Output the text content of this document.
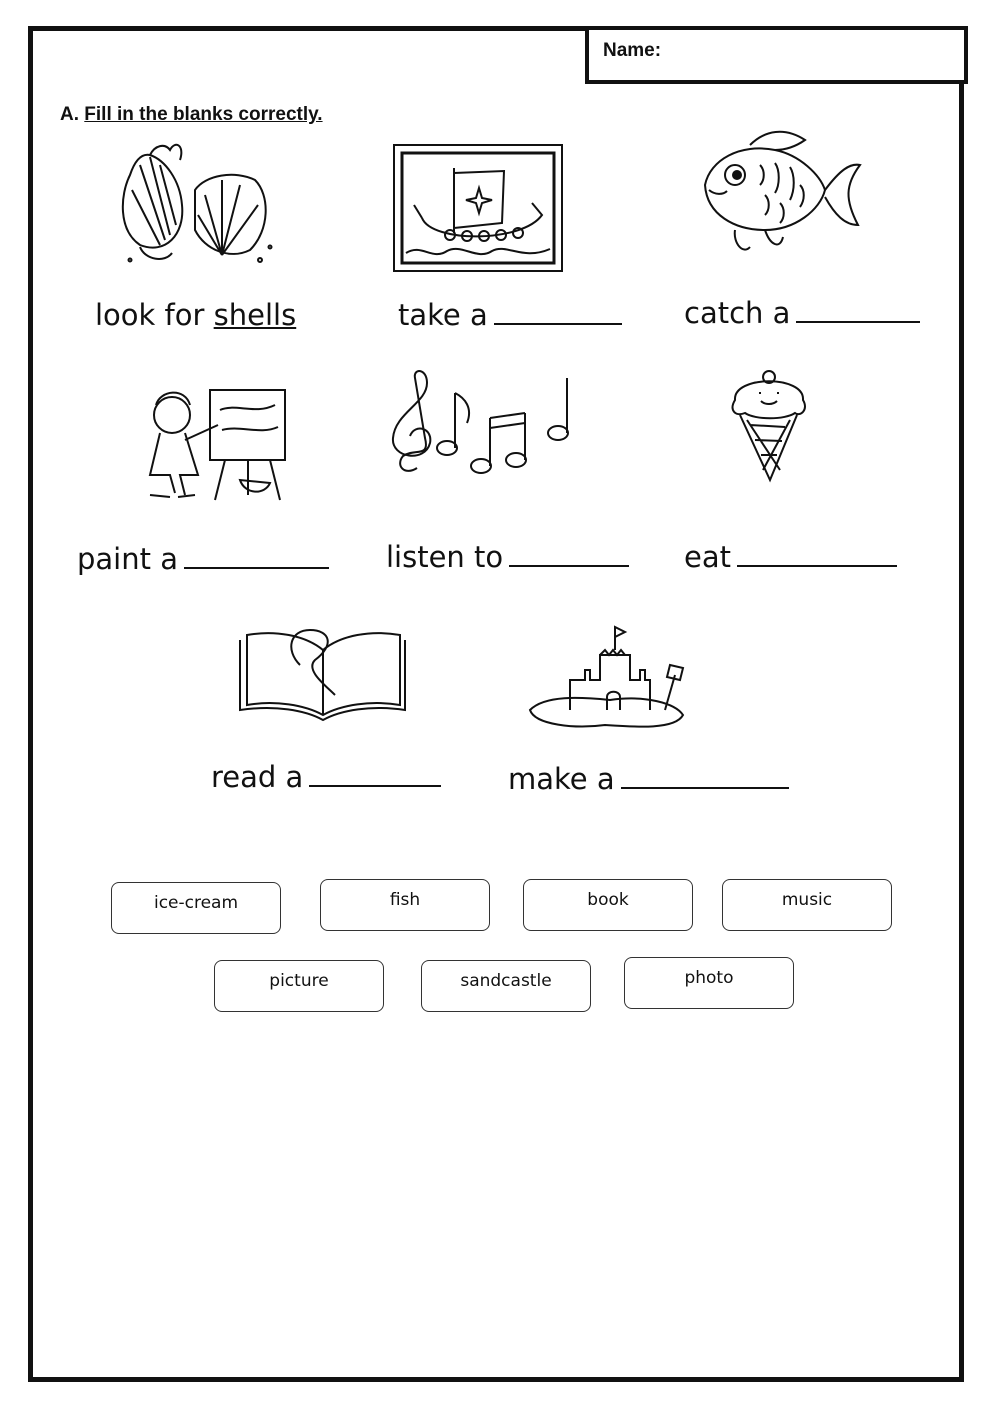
Name:
A. Fill in the blanks correctly.
look for shells	take a	catch a
paint a	listen to	eat
read a	make a
ice-cream	fish	book	music
picture	sandcastle	photo
